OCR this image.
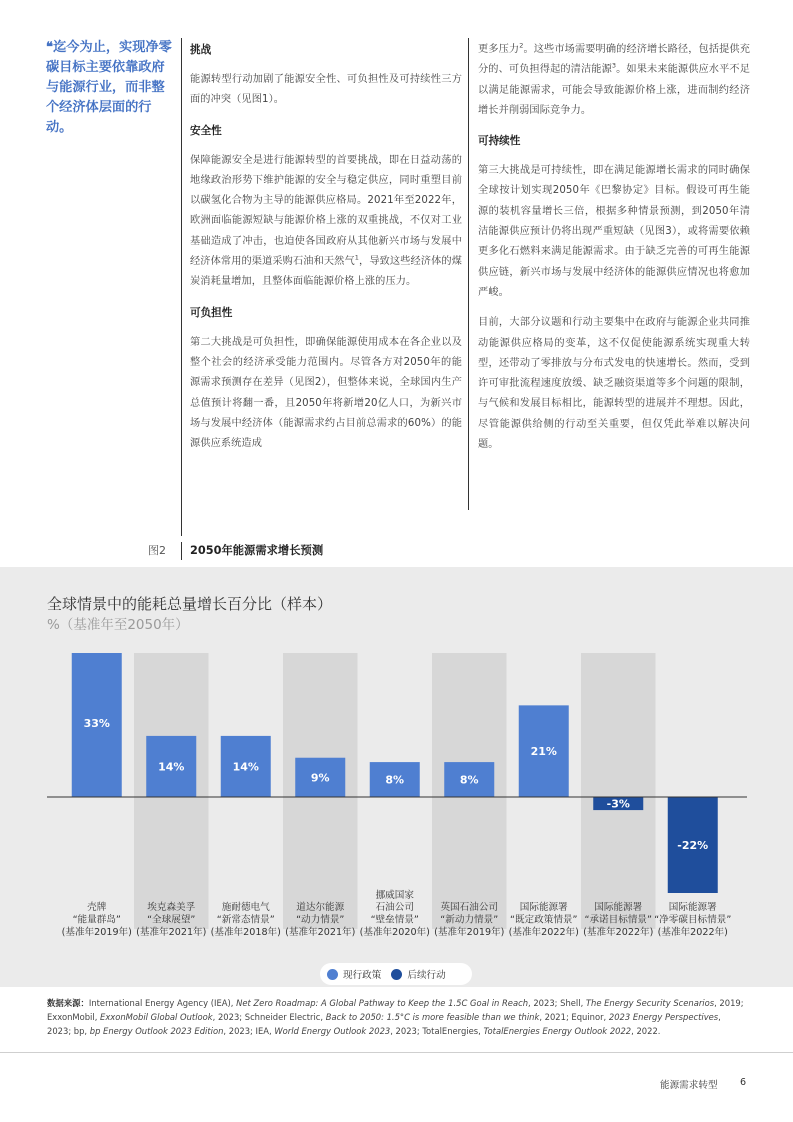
❝迄今为止，实现净零碳目标主要依靠政府与能源行业，而非整个经济体层面的行动。
挑战

能源转型行动加剧了能源安全性、可负担性及可持续性三方面的冲突（见图1）。

安全性

保障能源安全是进行能源转型的首要挑战，即在日益动荡的地缘政治形势下维护能源的安全与稳定供应，同时重塑目前以碳氢化合物为主导的能源供应格局。2021年至2022年，欧洲面临能源短缺与能源价格上涨的双重挑战，不仅对工业基础造成了冲击，也迫使各国政府从其他新兴市场与发展中经济体常用的渠道采购石油和天然气$^1$，导致这些经济体的煤炭消耗量增加，且整体面临能源价格上涨的压力。

可负担性

第二大挑战是可负担性，即确保能源使用成本在各企业以及整个社会的经济承受能力范围内。尽管各方对2050年的能源需求预测存在差异（见图2），但整体来说，全球国内生产总值预计将翻一番，且2050年将新增20亿人口，为新兴市场与发展中经济体（能源需求约占目前总需求的60%）的能源供应系统造成

更多压力$^2$。这些市场需要明确的经济增长路径，包括提供充分的、可负担得起的清洁能源$^3$。如果未来能源供应水平不足以满足能源需求，可能会导致能源价格上涨，进而制约经济增长并削弱国际竞争力。

可持续性

第三大挑战是可持续性，即在满足能源增长需求的同时确保全球按计划实现2050年《巴黎协定》目标。假设可再生能源的装机容量增长三倍，根据多种情景预测，到2050年清洁能源供应预计仍将出现严重短缺（见图3），或将需要依赖更多化石燃料来满足能源需求。由于缺乏完善的可再生能源供应链，新兴市场与发展中经济体的能源供应情况也将愈加严峻。

目前，大部分议题和行动主要集中在政府与能源企业共同推动能源供应格局的变革，这不仅促使能源系统实现重大转型，还带动了零排放与分布式发电的快速增长。然而，受到许可审批流程速度放缓、缺乏融资渠道等多个问题的限制，与气候和发展目标相比，能源转型的进展并不理想。因此，尽管能源供给侧的行动至关重要，但仅凭此举难以解决问题。

图2 2050年能源需求增长预测
全球情景中的能耗总量增长百分比（样本）
%（基准年至2050年）
33%
壳牌
“能量群岛”
(基准年2019年)
14%
埃克森美孚
“全球展望”
(基准年2021年)
14%
施耐德电气
“新常态情景”
(基准年2018年)
9%
道达尔能源
“动力情景”
(基准年2021年)
8%
挪威国家
石油公司
“壁垒情景”
(基准年2020年)
8%
英国石油公司
“新动力情景”
(基准年2019年)
21%
国际能源署
“既定政策情景”
(基准年2022年)
-3%
国际能源署
“承诺目标情景”
(基准年2022年)
-22%
国际能源署
“净零碳目标情景”
(基准年2022年)
现行政策	后续行动
数据来源：International Energy Agency (IEA), Net Zero Roadmap: A Global Pathway to Keep the 1.5C Goal in Reach, 2023; Shell, The Energy Security Scenarios, 2019; ExxonMobil, ExxonMobil Global Outlook, 2023; Schneider Electric, Back to 2050: 1.5°C is more feasible than we think, 2021; Equinor, 2023 Energy Perspectives, 2023; bp, bp Energy Outlook 2023 Edition, 2023; IEA, World Energy Outlook 2023, 2023; TotalEnergies, TotalEnergies Energy Outlook 2022, 2022.
能源需求转型 6
